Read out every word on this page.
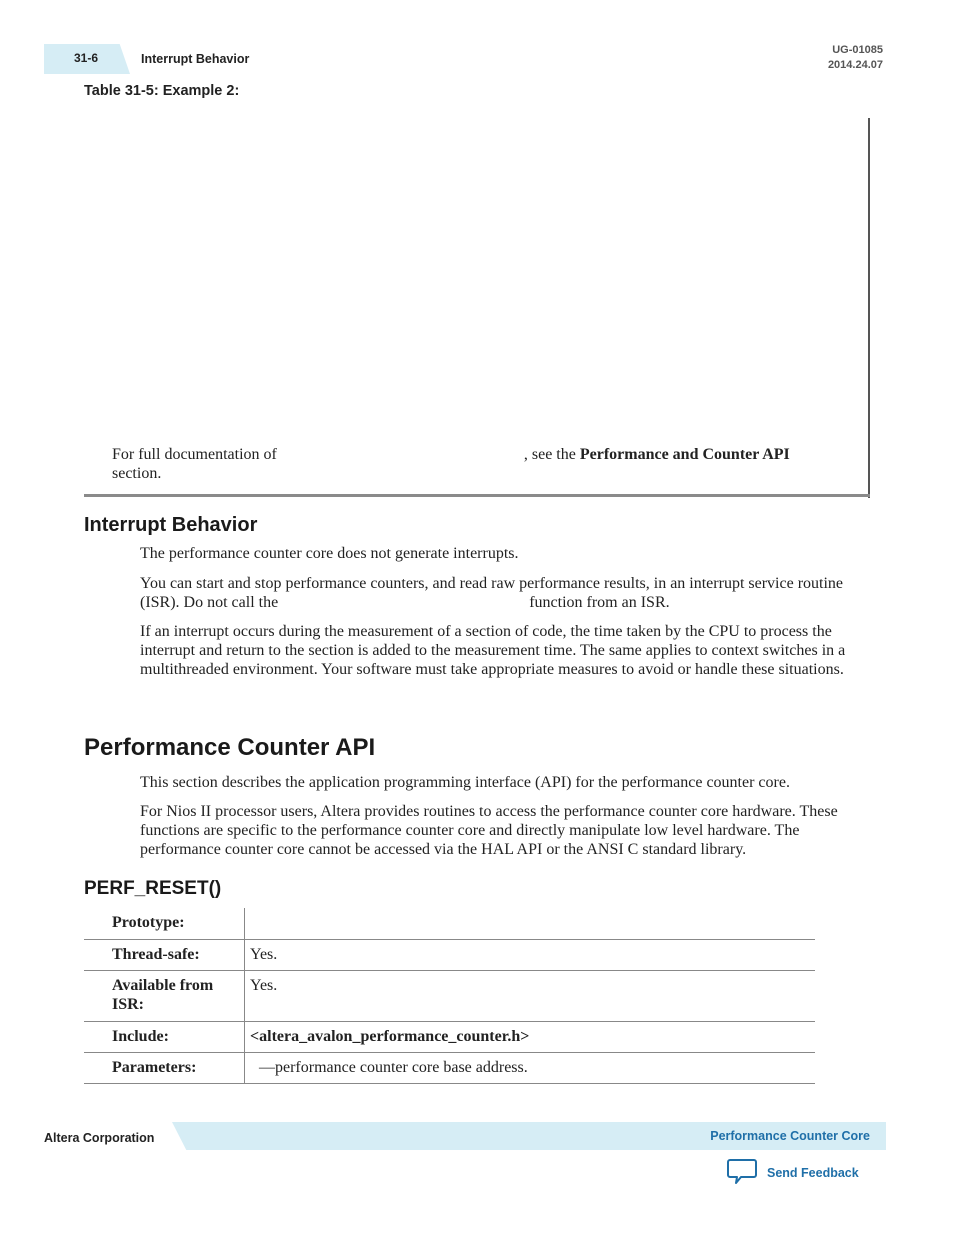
31-6	Interrupt Behavior
UG-01085
2014.24.07
Table 31-5: Example 2:
For full documentation of	, see the Performance and Counter API
section.
Interrupt Behavior
The performance counter core does not generate interrupts.
You can start and stop performance counters, and read raw performance results, in an interrupt service routine (ISR). Do not call the	function from an ISR.
If an interrupt occurs during the measurement of a section of code, the time taken by the CPU to process the interrupt and return to the section is added to the measurement time. The same applies to context switches in a multithreaded environment. Your software must take appropriate measures to avoid or handle these situations.
Performance Counter API
This section describes the application programming interface (API) for the performance counter core.
For Nios II processor users, Altera provides routines to access the performance counter core hardware. These functions are specific to the performance counter core and directly manipulate low level hardware. The performance counter core cannot be accessed via the HAL API or the ANSI C standard library.
PERF_RESET()
Prototype:	
Thread-safe:	Yes.
Available from ISR:	Yes.
Include:	<altera_avalon_performance_counter.h>
Parameters:	—performance counter core base address.
Altera Corporation	Performance Counter Core
Send Feedback
